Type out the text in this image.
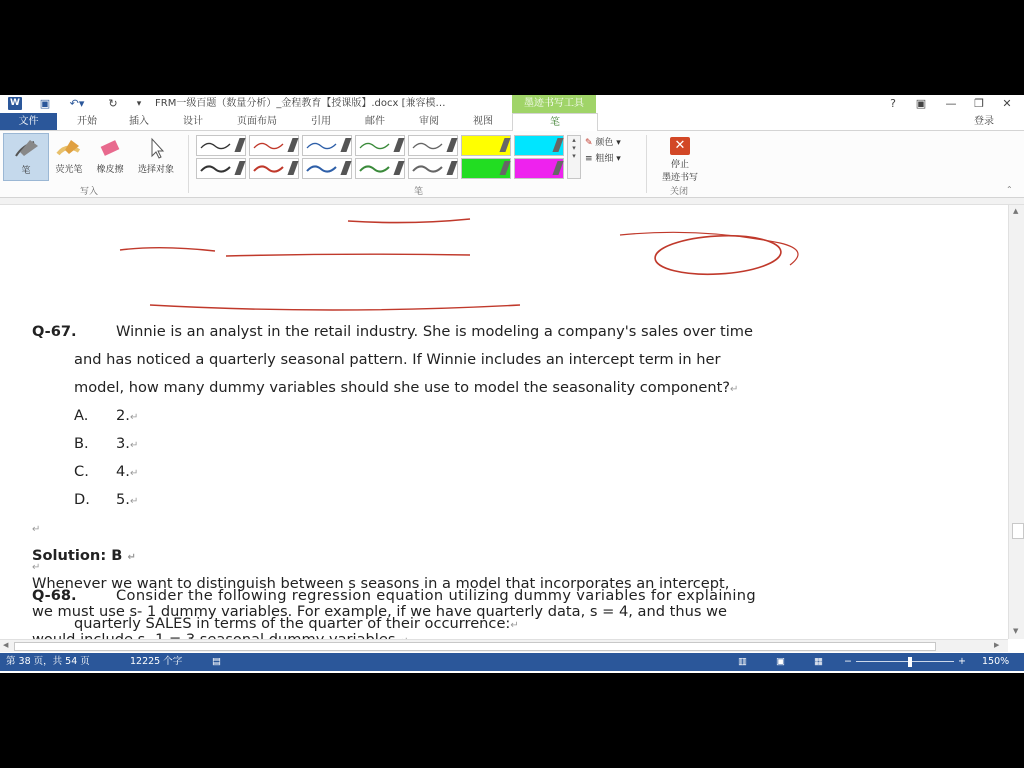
W ▣	↶▾	↻	▾ FRM一级百题（数量分析）_金程教育【授课版】.docx [兼容模…	墨迹书写工具	?	▣	—	❐	✕
文件	开始	插入	设计	页面布局	引用	邮件	审阅	视图	笔	登录
笔	荧光笔	橡皮擦	选择对象
写入
▴
▾
▾
✎ 颜色 ▾
≡ 粗细 ▾
笔
✕
停止
墨迹书写
关闭	⌃
Q-67.	Winnie is an analyst in the retail industry. She is modeling a company's sales over time
and has noticed a quarterly seasonal pattern. If Winnie includes an intercept term in her
model, how many dummy variables should she use to model the seasonality component?↵
A. 2.↵
B. 3.↵
C. 4.↵
D. 5.↵
↵
Solution: B ↵
Whenever we want to distinguish between s seasons in a model that incorporates an intercept,
we must use s- 1 dummy variables. For example, if we have quarterly data, s = 4, and thus we
▲
▼
◀	▶
第 38 页，共 54 页	12225 个字	▤	▥	▣	▦ −	+ 150%
↵
Q-68.	Consider the following regression equation utilizing dummy variables for explaining
quarterly SALES in terms of the quarter of their occurrence:↵
